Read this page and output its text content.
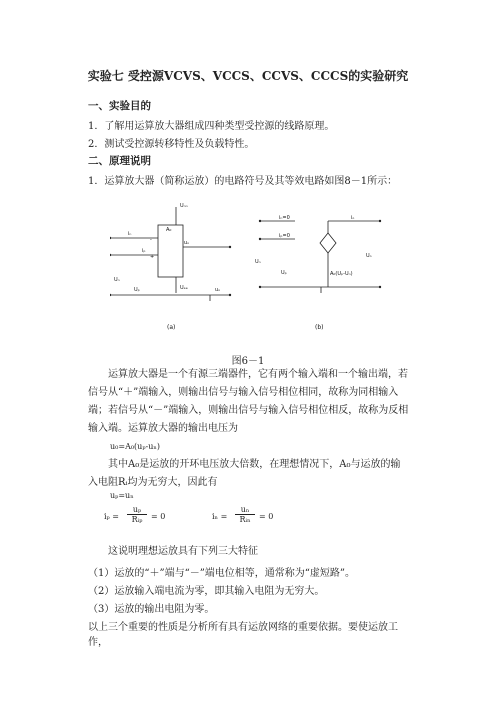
实验七 受控源VCVS、VCCS、CCVS、CCCS的实验研究
一、实验目的
1．了解用运算放大器组成四种类型受控源的线路原理。
2．测试受控源转移特性及负载特性。
二、原理说明
1．运算放大器（简称运放）的电路符号及其等效电路如图8－1所示：
Uₙₙ
iₙ
iₚ
A₀
uₒ
Uₙ
Uₚ	Uₑₑ	uₒ
-
+
(a)
iₙ=0
iₚ=0
Uₙ
Uₚ	A₀(Uₚ-Uₙ)
Uₒ
iₒ
(b)
图6－1
运算放大器是一个有源三端器件，它有两个输入端和一个输出端，若信号从“＋”端输入，则输出信号与输入信号相位相同，故称为同相输入端；若信号从“－”端输入，则输出信号与输入信号相位相反，故称为反相输入端。运算放大器的输出电压为
u₀=A₀(uₚ-uₙ)
其中A₀是运放的开环电压放大倍数，在理想情况下，A₀与运放的输入电阻Rᵢ均为无穷大，因此有
uₚ=uₙ
iₚ =
uₚ
Rᵢₚ	= 0	iₙ =
uₙ
Rᵢₙ	= 0
这说明理想运放具有下列三大特征
（1）运放的“＋”端与“－”端电位相等，通常称为“虚短路”。
（2）运放输入端电流为零，即其输入电阻为无穷大。
（3）运放的输出电阻为零。
以上三个重要的性质是分析所有具有运放网络的重要依据。要使运放工作，
